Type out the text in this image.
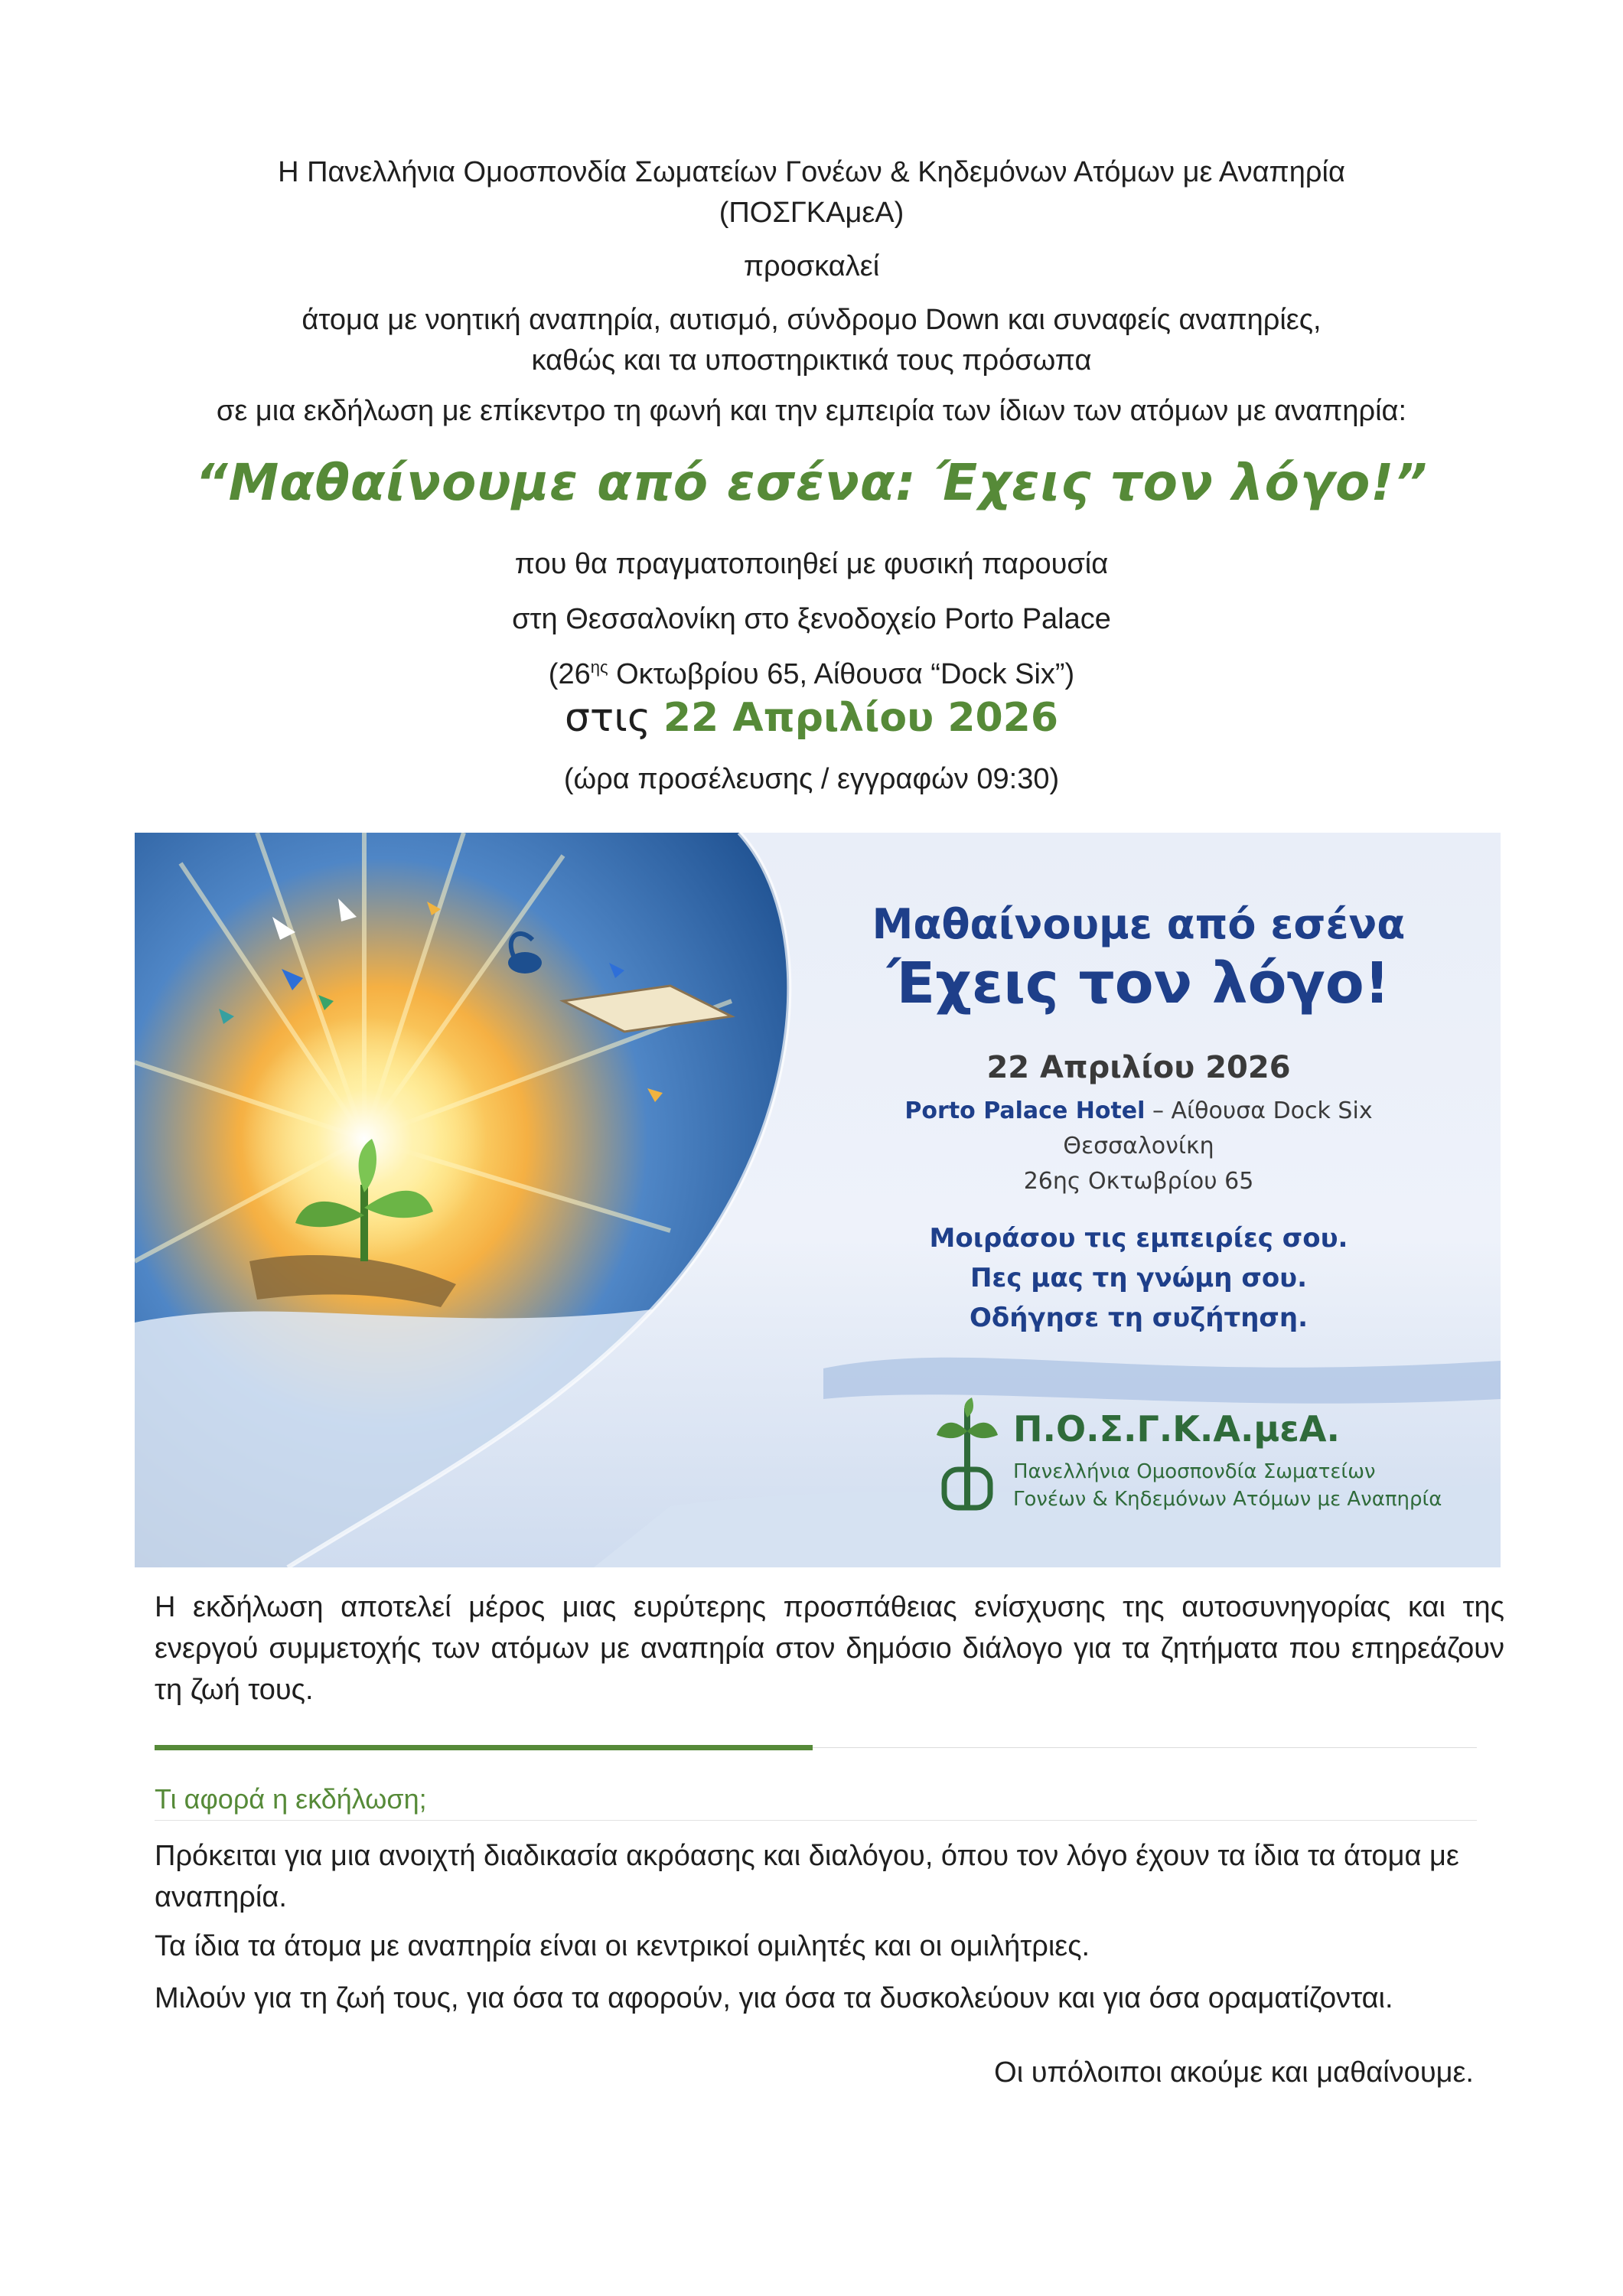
Η Πανελλήνια Ομοσπονδία Σωματείων Γονέων & Κηδεμόνων Ατόμων με Αναπηρία
(ΠΟΣΓΚΑμεΑ)
προσκαλεί
άτομα με νοητική αναπηρία, αυτισμό, σύνδρομο Down και συναφείς αναπηρίες,
καθώς και τα υποστηρικτικά τους πρόσωπα
σε μια εκδήλωση με επίκεντρο τη φωνή και την εμπειρία των ίδιων των ατόμων με αναπηρία:
“Μαθαίνουμε από εσένα: Έχεις τον λόγο!”
που θα πραγματοποιηθεί με φυσική παρουσία
στη Θεσσαλονίκη στο ξενοδοχείο Porto Palace
($26^{\eta\varsigma}$ Οκτωβρίου 65, Αίθουσα “Dock Six”)
στις 22 Απριλίου 2026
(ώρα προσέλευσης / εγγραφών 09:30)
Μαθαίνουμε από εσένα
Έχεις τον λόγο!
22 Απριλίου 2026
Porto Palace Hotel – Αίθουσα Dock Six
Θεσσαλονίκη
26ης Οκτωβρίου 65
Μοιράσου τις εμπειρίες σου.
Πες μας τη γνώμη σου.
Οδήγησε τη συζήτηση.
Π.Ο.Σ.Γ.Κ.Α.μεΑ.
Πανελλήνια Ομοσπονδία Σωματείων
Γονέων & Κηδεμόνων Ατόμων με Αναπηρία
Η εκδήλωση αποτελεί μέρος μιας ευρύτερης προσπάθειας ενίσχυσης της αυτοσυνηγορίας και της ενεργού συμμετοχής των ατόμων με αναπηρία στον δημόσιο διάλογο για τα ζητήματα που επηρεάζουν τη ζωή τους.
Τι αφορά η εκδήλωση;
Πρόκειται για μια ανοιχτή διαδικασία ακρόασης και διαλόγου, όπου τον λόγο έχουν τα ίδια τα άτομα με αναπηρία.
Τα ίδια τα άτομα με αναπηρία είναι οι κεντρικοί ομιλητές και οι ομιλήτριες.
Μιλούν για τη ζωή τους, για όσα τα αφορούν, για όσα τα δυσκολεύουν και για όσα οραματίζονται.
Οι υπόλοιποι ακούμε και μαθαίνουμε.
